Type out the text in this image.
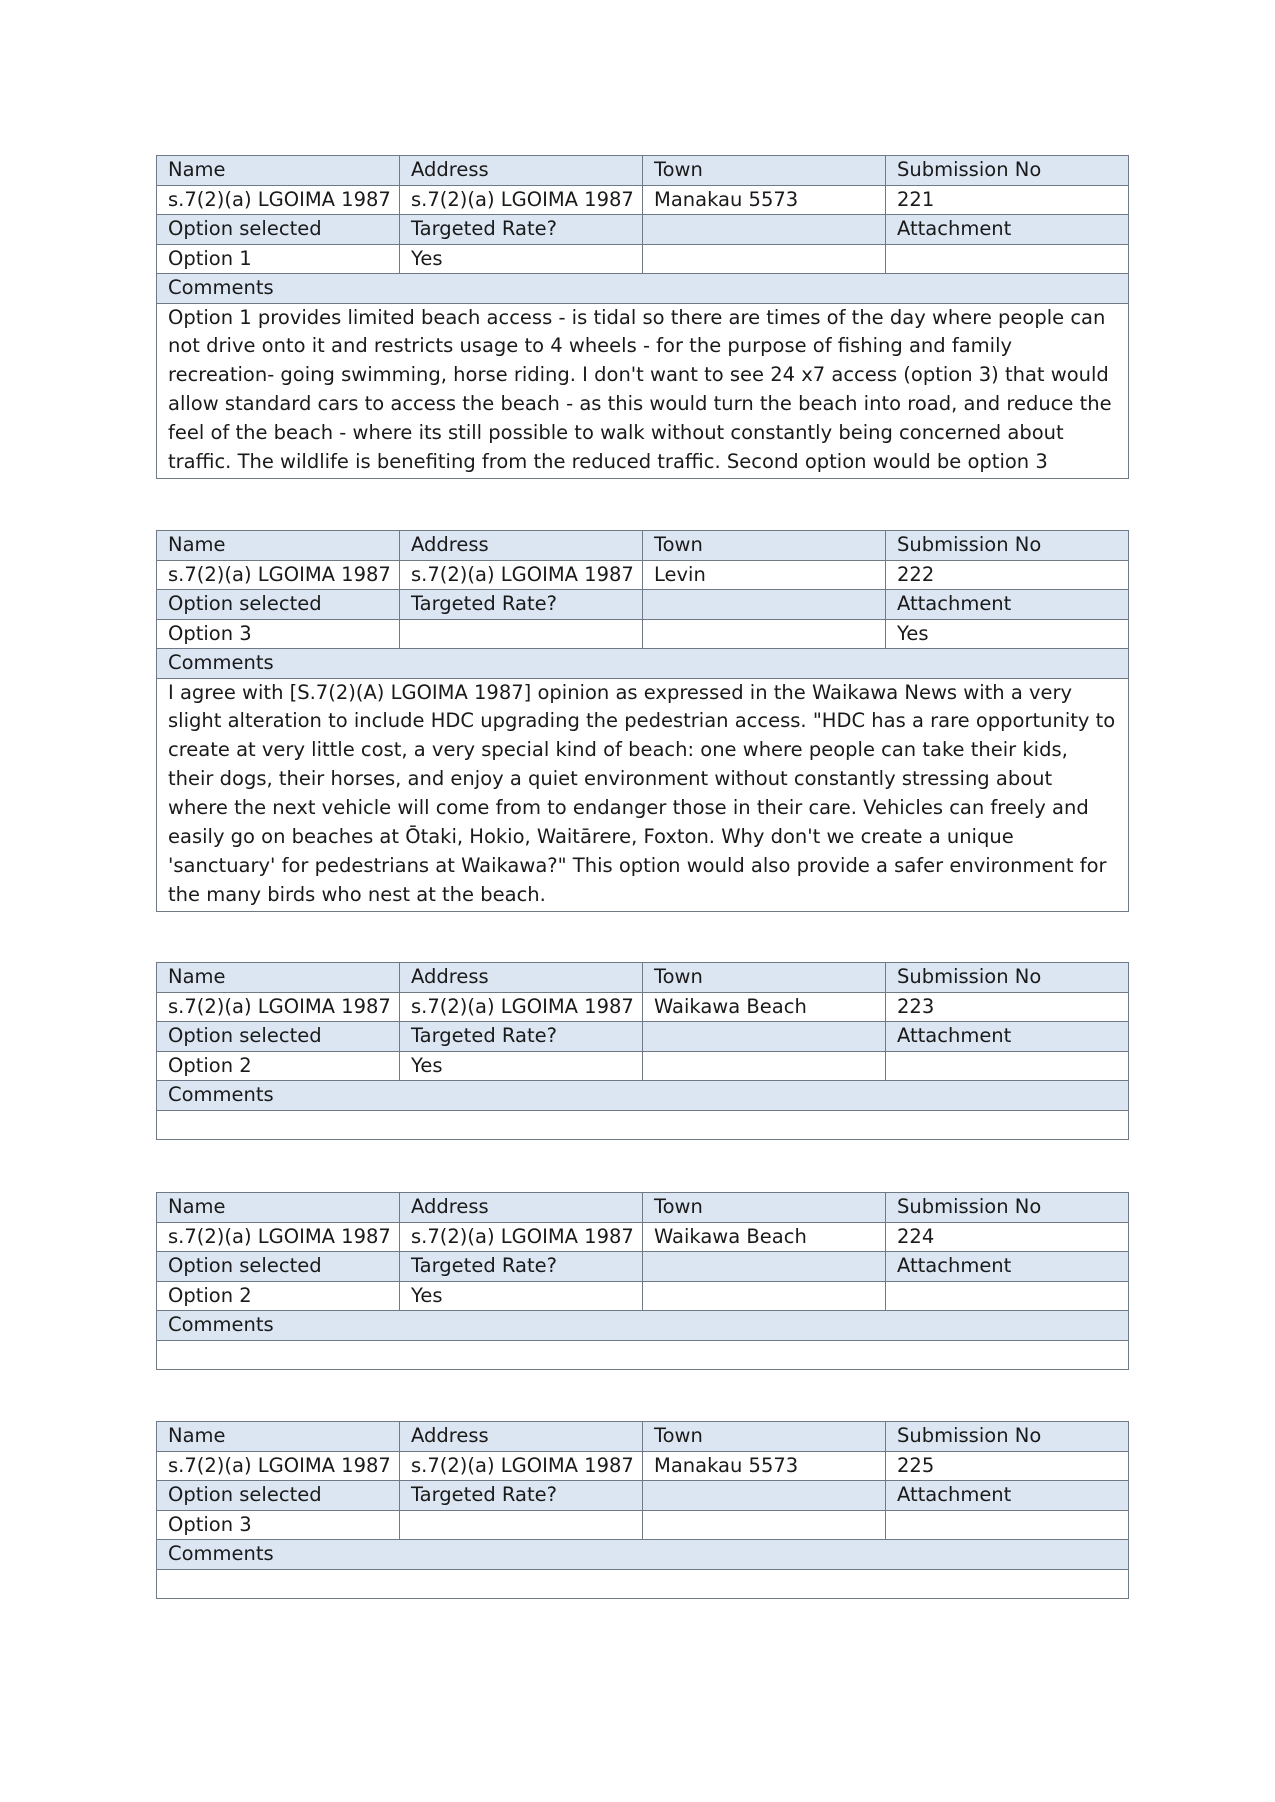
Name	Address	Town	Submission No
s.7(2)(a) LGOIMA 1987	s.7(2)(a) LGOIMA 1987	Manakau 5573	221
Option selected	Targeted Rate?		Attachment
Option 1	Yes		
Comments			
Option 1 provides limited beach access - is tidal so there are times of the day where people can not drive onto it and restricts usage to 4 wheels - for the purpose of fishing and family recreation- going swimming, horse riding. I don't want to see 24 x7 access (option 3) that would allow standard cars to access the beach - as this would turn the beach into road, and reduce the feel of the beach - where its still possible to walk without constantly being concerned about traffic. The wildlife is benefiting from the reduced traffic. Second option would be option 3			
Name	Address	Town	Submission No
s.7(2)(a) LGOIMA 1987	s.7(2)(a) LGOIMA 1987	Levin	222
Option selected	Targeted Rate?		Attachment
Option 3			Yes
Comments			
I agree with [S.7(2)(A) LGOIMA 1987] opinion as expressed in the Waikawa News with a very slight alteration to include HDC upgrading the pedestrian access. "HDC has a rare opportunity to create at very little cost, a very special kind of beach: one where people can take their kids, their dogs, their horses, and enjoy a quiet environment without constantly stressing about where the next vehicle will come from to endanger those in their care. Vehicles can freely and easily go on beaches at Ōtaki, Hokio, Waitārere, Foxton. Why don't we create a unique 'sanctuary' for pedestrians at Waikawa?" This option would also provide a safer environment for the many birds who nest at the beach.			
Name	Address	Town	Submission No
s.7(2)(a) LGOIMA 1987	s.7(2)(a) LGOIMA 1987	Waikawa Beach	223
Option selected	Targeted Rate?		Attachment
Option 2	Yes		
Comments			

Name	Address	Town	Submission No
s.7(2)(a) LGOIMA 1987	s.7(2)(a) LGOIMA 1987	Waikawa Beach	224
Option selected	Targeted Rate?		Attachment
Option 2	Yes		
Comments			

Name	Address	Town	Submission No
s.7(2)(a) LGOIMA 1987	s.7(2)(a) LGOIMA 1987	Manakau 5573	225
Option selected	Targeted Rate?		Attachment
Option 3			
Comments			
